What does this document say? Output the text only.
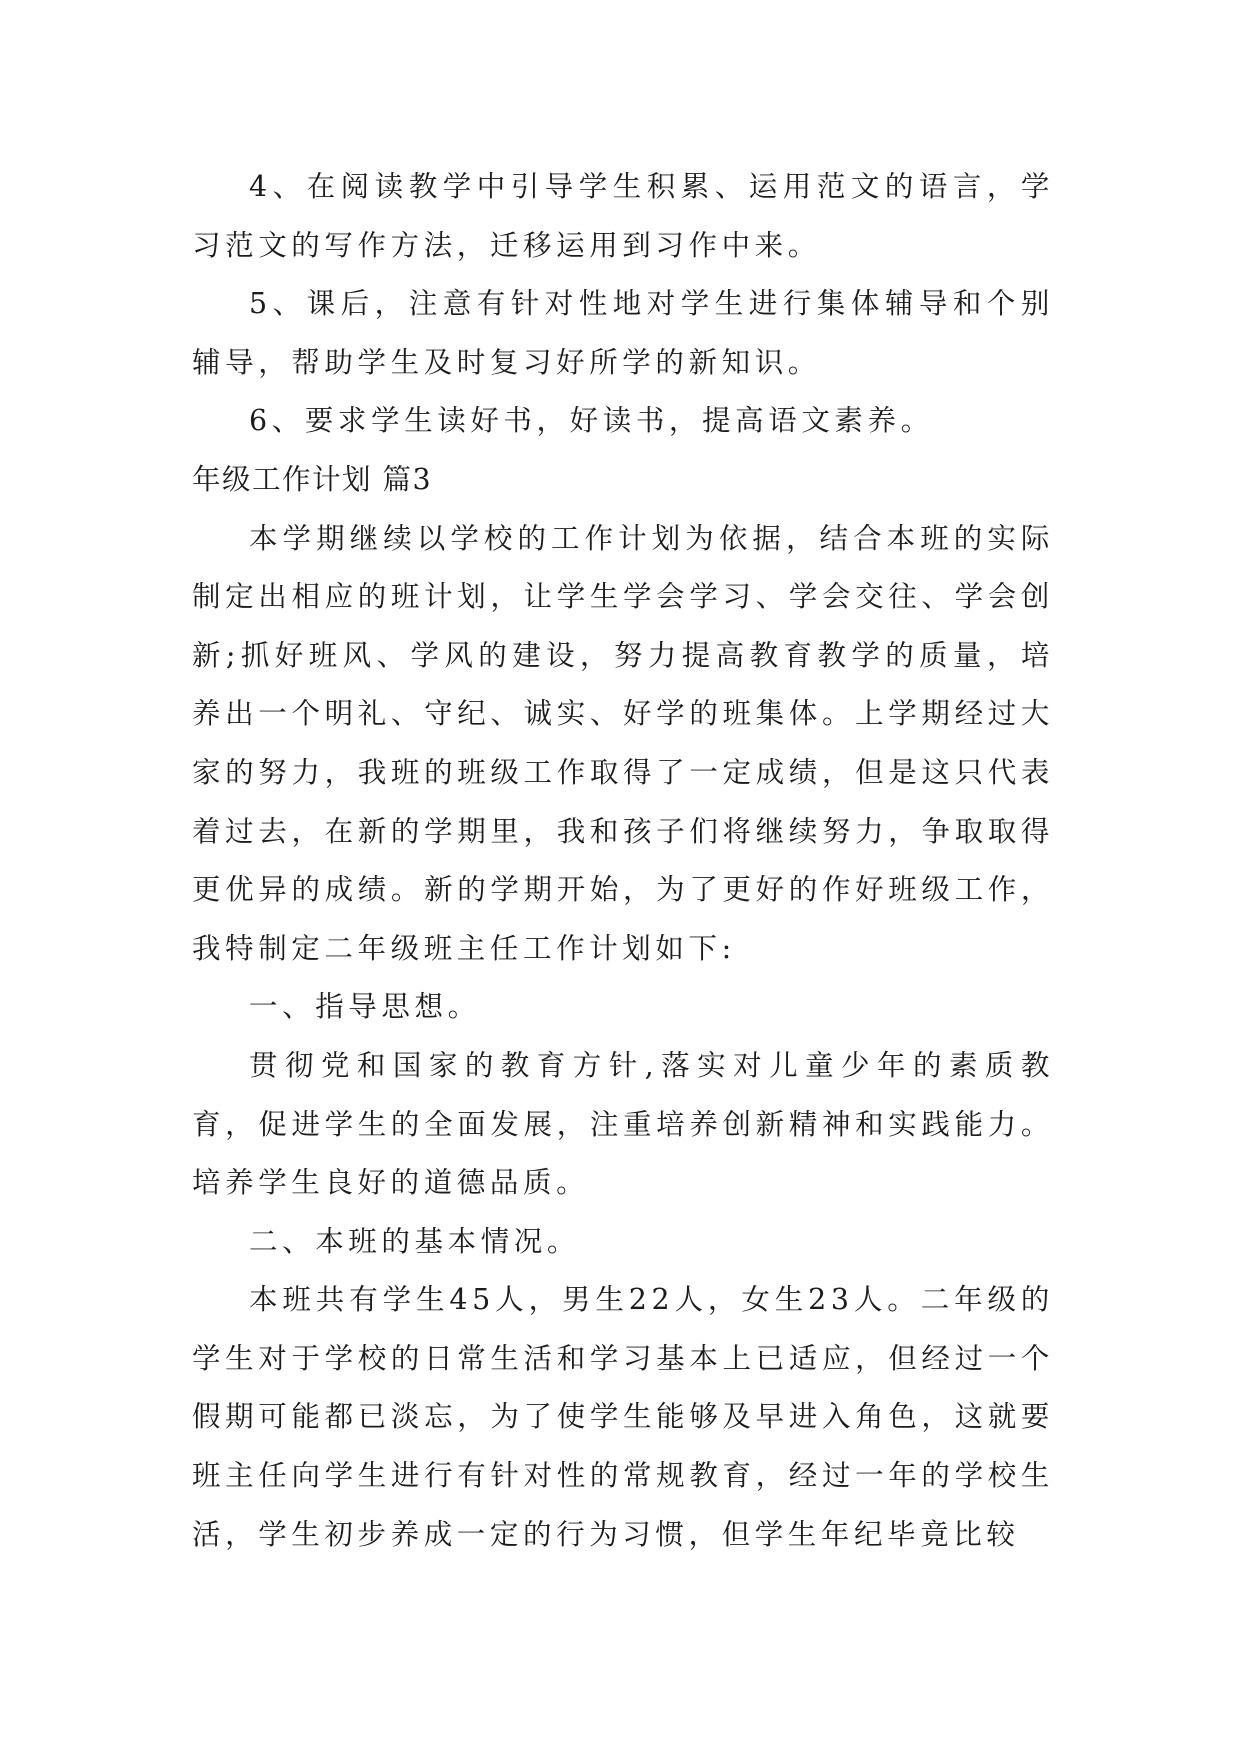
4、在阅读教学中引导学生积累、运用范文的语言，学习范文的写作方法，迁移运用到习作中来。

5、课后，注意有针对性地对学生进行集体辅导和个别辅导，帮助学生及时复习好所学的新知识。

6、要求学生读好书，好读书，提高语文素养。

年级工作计划 篇3

本学期继续以学校的工作计划为依据，结合本班的实际制定出相应的班计划，让学生学会学习、学会交往、学会创新;抓好班风、学风的建设，努力提高教育教学的质量，培养出一个明礼、守纪、诚实、好学的班集体。上学期经过大家的努力，我班的班级工作取得了一定成绩，但是这只代表着过去，在新的学期里，我和孩子们将继续努力，争取取得更优异的成绩。新的学期开始，为了更好的作好班级工作，我特制定二年级班主任工作计划如下:

一、指导思想。

贯彻党和国家的教育方针,落实对儿童少年的素质教育，促进学生的全面发展，注重培养创新精神和实践能力。培养学生良好的道德品质。

二、本班的基本情况。

本班共有学生45人，男生22人，女生23人。二年级的学生对于学校的日常生活和学习基本上已适应，但经过一个假期可能都已淡忘，为了使学生能够及早进入角色，这就要班主任向学生进行有针对性的常规教育，经过一年的学校生活，学生初步养成一定的行为习惯，但学生年纪毕竟比较
